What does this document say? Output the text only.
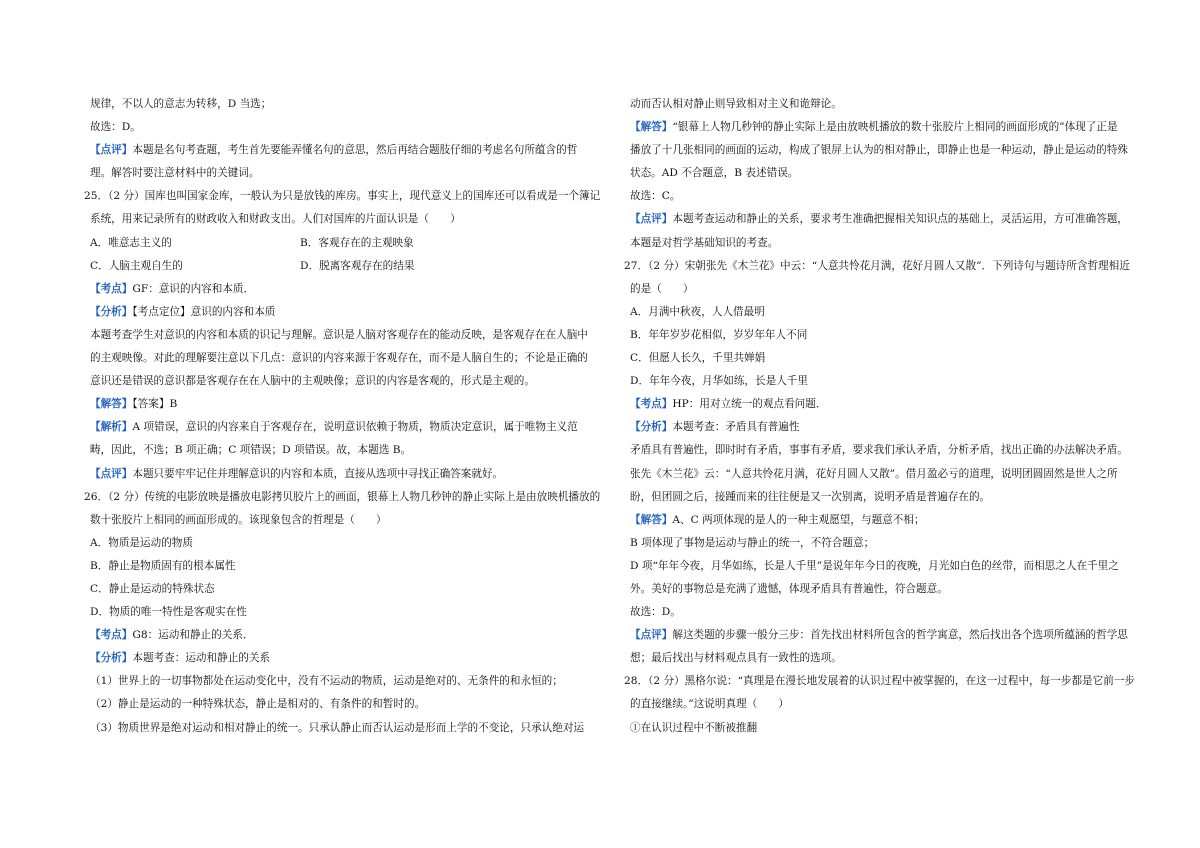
规律，不以人的意志为转移，D 当选；
故选：D。
【点评】本题是名句考查题，考生首先要能弄懂名句的意思，然后再结合题肢仔细的考虑名句所蕴含的哲
理。解答时要注意材料中的关键词。
25．（2 分）国库也叫国家金库，一般认为只是放钱的库房。事实上，现代意义上的国库还可以看成是一个簿记
系统，用来记录所有的财政收入和财政支出。人们对国库的片面认识是（　　）
A．唯意志主义的	B．客观存在的主观映象
C．人脑主观自生的	D．脱离客观存在的结果
【考点】GF：意识的内容和本质．
【分析】【考点定位】意识的内容和本质
本题考查学生对意识的内容和本质的识记与理解。意识是人脑对客观存在的能动反映，是客观存在在人脑中
的主观映像。对此的理解要注意以下几点：意识的内容来源于客观存在，而不是人脑自生的；不论是正确的
意识还是错误的意识都是客观存在在人脑中的主观映像；意识的内容是客观的，形式是主观的。
【解答】【答案】B
【解析】A 项错误，意识的内容来自于客观存在，说明意识依赖于物质，物质决定意识，属于唯物主义范
畴，因此，不选；B 项正确；C 项错误；D 项错误。故，本题选 B。
【点评】本题只要牢牢记住并理解意识的内容和本质，直接从选项中寻找正确答案就好。
26．（2 分）传统的电影放映是播放电影拷贝胶片上的画面，银幕上人物几秒钟的静止实际上是由放映机播放的
数十张胶片上相同的画面形成的。该现象包含的哲理是（　　）
A．物质是运动的物质
B．静止是物质固有的根本属性
C．静止是运动的特殊状态
D．物质的唯一特性是客观实在性
【考点】G8：运动和静止的关系．
【分析】本题考查：运动和静止的关系
（1）世界上的一切事物都处在运动变化中，没有不运动的物质，运动是绝对的、无条件的和永恒的；
（2）静止是运动的一种特殊状态，静止是相对的、有条件的和暂时的。
（3）物质世界是绝对运动和相对静止的统一。只承认静止而否认运动是形而上学的不变论，只承认绝对运
动而否认相对静止则导致相对主义和诡辩论。
【解答】“银幕上人物几秒钟的静止实际上是由放映机播放的数十张胶片上相同的画面形成的”体现了正是
播放了十几张相同的画面的运动，构成了银屏上认为的相对静止，即静止也是一种运动，静止是运动的特殊
状态。AD 不合题意，B 表述错误。
故选：C。
【点评】本题考查运动和静止的关系，要求考生准确把握相关知识点的基础上，灵活运用，方可准确答题，
本题是对哲学基础知识的考查。
27．（2 分）宋朝张先《木兰花》中云：“人意共怜花月满，花好月圆人又散”．下列诗句与题诗所含哲理相近
的是（　　）
A．月满中秋夜，人人借最明
B．年年岁岁花相似，岁岁年年人不同
C．但愿人长久，千里共婵娟
D．年年今夜，月华如练，长是人千里
【考点】HP：用对立统一的观点看问题．
【分析】本题考查：矛盾具有普遍性
矛盾具有普遍性，即时时有矛盾，事事有矛盾，要求我们承认矛盾，分析矛盾，找出正确的办法解决矛盾。
张先《木兰花》云：“人意共怜花月满，花好月圆人又散”。借月盈必亏的道理，说明团圆固然是世人之所
盼，但团圆之后，接踵而来的往往便是又一次别离，说明矛盾是普遍存在的。
【解答】A、C 两项体现的是人的一种主观愿望，与题意不相；
B 项体现了事物是运动与静止的统一，不符合题意；
D 项“年年今夜，月华如练，长是人千里”是说年年今日的夜晚，月光如白色的丝带，而相思之人在千里之
外。美好的事物总是充满了遗憾，体现矛盾具有普遍性，符合题意。
故选：D。
【点评】解这类题的步骤一般分三步：首先找出材料所包含的哲学寓意，然后找出各个选项所蕴涵的哲学思
想；最后找出与材料观点具有一致性的选项。
28．（2 分）黑格尔说：“真理是在漫长地发展着的认识过程中被掌握的，在这一过程中，每一步都是它前一步
的直接继续。”这说明真理（　　）
①在认识过程中不断被推翻
